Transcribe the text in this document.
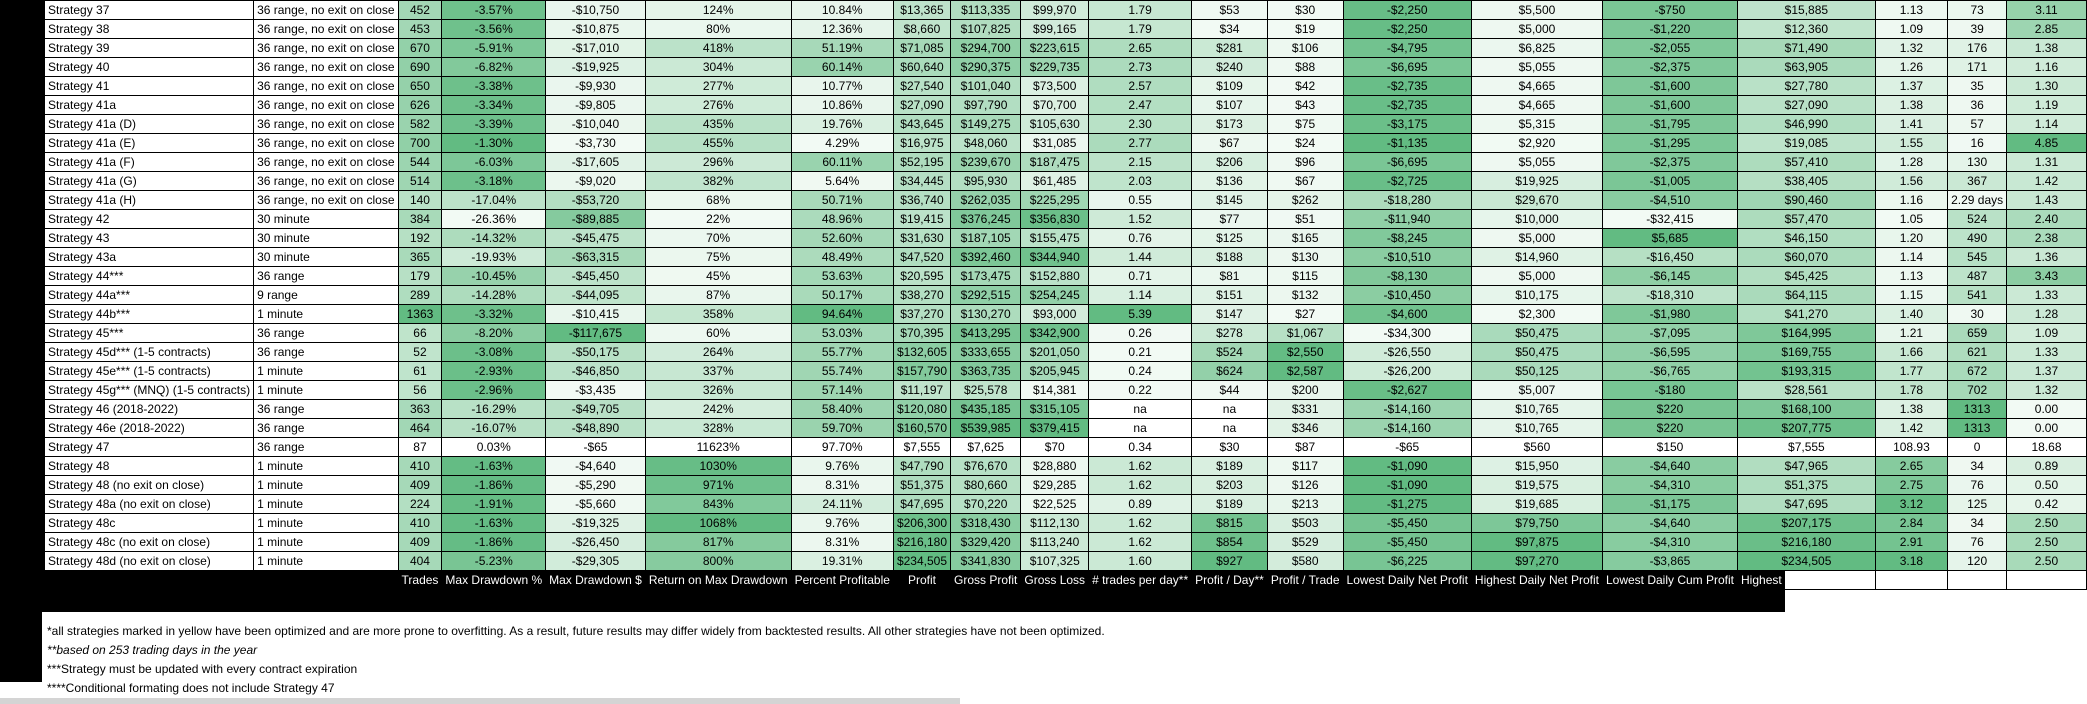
Strategy 37	36 range, no exit on close	452	-3.57%	-$10,750	124%	10.84%	$13,365	$113,335	$99,970	1.79	$53	$30	-$2,250	$5,500	-$750	$15,885	1.13	73	3.11
Strategy 38	36 range, no exit on close	453	-3.56%	-$10,875	80%	12.36%	$8,660	$107,825	$99,165	1.79	$34	$19	-$2,250	$5,000	-$1,220	$12,360	1.09	39	2.85
Strategy 39	36 range, no exit on close	670	-5.91%	-$17,010	418%	51.19%	$71,085	$294,700	$223,615	2.65	$281	$106	-$4,795	$6,825	-$2,055	$71,490	1.32	176	1.38
Strategy 40	36 range, no exit on close	690	-6.82%	-$19,925	304%	60.14%	$60,640	$290,375	$229,735	2.73	$240	$88	-$6,695	$5,055	-$2,375	$63,905	1.26	171	1.16
Strategy 41	36 range, no exit on close	650	-3.38%	-$9,930	277%	10.77%	$27,540	$101,040	$73,500	2.57	$109	$42	-$2,735	$4,665	-$1,600	$27,780	1.37	35	1.30
Strategy 41a	36 range, no exit on close	626	-3.34%	-$9,805	276%	10.86%	$27,090	$97,790	$70,700	2.47	$107	$43	-$2,735	$4,665	-$1,600	$27,090	1.38	36	1.19
Strategy 41a (D)	36 range, no exit on close	582	-3.39%	-$10,040	435%	19.76%	$43,645	$149,275	$105,630	2.30	$173	$75	-$3,175	$5,315	-$1,795	$46,990	1.41	57	1.14
Strategy 41a (E)	36 range, no exit on close	700	-1.30%	-$3,730	455%	4.29%	$16,975	$48,060	$31,085	2.77	$67	$24	-$1,135	$2,920	-$1,295	$19,085	1.55	16	4.85
Strategy 41a (F)	36 range, no exit on close	544	-6.03%	-$17,605	296%	60.11%	$52,195	$239,670	$187,475	2.15	$206	$96	-$6,695	$5,055	-$2,375	$57,410	1.28	130	1.31
Strategy 41a (G)	36 range, no exit on close	514	-3.18%	-$9,020	382%	5.64%	$34,445	$95,930	$61,485	2.03	$136	$67	-$2,725	$19,925	-$1,005	$38,405	1.56	367	1.42
Strategy 41a (H)	36 range, no exit on close	140	-17.04%	-$53,720	68%	50.71%	$36,740	$262,035	$225,295	0.55	$145	$262	-$18,280	$29,670	-$4,510	$90,460	1.16	2.29 days	1.43
Strategy 42	30 minute	384	-26.36%	-$89,885	22%	48.96%	$19,415	$376,245	$356,830	1.52	$77	$51	-$11,940	$10,000	-$32,415	$57,470	1.05	524	2.40
Strategy 43	30 minute	192	-14.32%	-$45,475	70%	52.60%	$31,630	$187,105	$155,475	0.76	$125	$165	-$8,245	$5,000	$5,685	$46,150	1.20	490	2.38
Strategy 43a	30 minute	365	-19.93%	-$63,315	75%	48.49%	$47,520	$392,460	$344,940	1.44	$188	$130	-$10,510	$14,960	-$16,450	$60,070	1.14	545	1.36
Strategy 44***	36 range	179	-10.45%	-$45,450	45%	53.63%	$20,595	$173,475	$152,880	0.71	$81	$115	-$8,130	$5,000	-$6,145	$45,425	1.13	487	3.43
Strategy 44a***	9 range	289	-14.28%	-$44,095	87%	50.17%	$38,270	$292,515	$254,245	1.14	$151	$132	-$10,450	$10,175	-$18,310	$64,115	1.15	541	1.33
Strategy 44b***	1 minute	1363	-3.32%	-$10,415	358%	94.64%	$37,270	$130,270	$93,000	5.39	$147	$27	-$4,600	$2,300	-$1,980	$41,270	1.40	30	1.28
Strategy 45***	36 range	66	-8.20%	-$117,675	60%	53.03%	$70,395	$413,295	$342,900	0.26	$278	$1,067	-$34,300	$50,475	-$7,095	$164,995	1.21	659	1.09
Strategy 45d*** (1-5 contracts)	36 range	52	-3.08%	-$50,175	264%	55.77%	$132,605	$333,655	$201,050	0.21	$524	$2,550	-$26,550	$50,475	-$6,595	$169,755	1.66	621	1.33
Strategy 45e*** (1-5 contracts)	1 minute	61	-2.93%	-$46,850	337%	55.74%	$157,790	$363,735	$205,945	0.24	$624	$2,587	-$26,200	$50,125	-$6,765	$193,315	1.77	672	1.37
Strategy 45g*** (MNQ) (1-5 contracts)	1 minute	56	-2.96%	-$3,435	326%	57.14%	$11,197	$25,578	$14,381	0.22	$44	$200	-$2,627	$5,007	-$180	$28,561	1.78	702	1.32
Strategy 46 (2018-2022)	36 range	363	-16.29%	-$49,705	242%	58.40%	$120,080	$435,185	$315,105	na	na	$331	-$14,160	$10,765	$220	$168,100	1.38	1313	0.00
Strategy 46e (2018-2022)	36 range	464	-16.07%	-$48,890	328%	59.70%	$160,570	$539,985	$379,415	na	na	$346	-$14,160	$10,765	$220	$207,775	1.42	1313	0.00
Strategy 47	36 range	87	0.03%	-$65	11623%	97.70%	$7,555	$7,625	$70	0.34	$30	$87	-$65	$560	$150	$7,555	108.93	0	18.68
Strategy 48	1 minute	410	-1.63%	-$4,640	1030%	9.76%	$47,790	$76,670	$28,880	1.62	$189	$117	-$1,090	$15,950	-$4,640	$47,965	2.65	34	0.89
Strategy 48 (no exit on close)	1 minute	409	-1.86%	-$5,290	971%	8.31%	$51,375	$80,660	$29,285	1.62	$203	$126	-$1,090	$19,575	-$4,310	$51,375	2.75	76	0.50
Strategy 48a (no exit on close)	1 minute	224	-1.91%	-$5,660	843%	24.11%	$47,695	$70,220	$22,525	0.89	$189	$213	-$1,275	$19,685	-$1,175	$47,695	3.12	125	0.42
Strategy 48c	1 minute	410	-1.63%	-$19,325	1068%	9.76%	$206,300	$318,430	$112,130	1.62	$815	$503	-$5,450	$79,750	-$4,640	$207,175	2.84	34	2.50
Strategy 48c (no exit on close)	1 minute	409	-1.86%	-$26,450	817%	8.31%	$216,180	$329,420	$113,240	1.62	$854	$529	-$5,450	$97,875	-$4,310	$216,180	2.91	76	2.50
Strategy 48d (no exit on close)	1 minute	404	-5.23%	-$29,305	800%	19.31%	$234,505	$341,830	$107,325	1.60	$927	$580	-$6,225	$97,270	-$3,865	$234,505	3.18	120	2.50
		Trades	Max Drawdown %	Max Drawdown $	Return on Max Drawdown	Percent Profitable	Profit	Gross Profit	Gross Loss	# trades per day**	Profit / Day**	Profit / Trade	Lowest Daily Net Profit	Highest Daily Net Profit	Lowest Daily Cum Profit	Highest Daily Cum Profit	Profit Factor		Backtest Risk
*all strategies marked in yellow have been optimized and are more prone to overfitting. As a result, future results may differ widely from backtested results. All other strategies have not been optimized.
**based on 253 trading days in the year
***Strategy must be updated with every contract expiration
****Conditional formating does not include Strategy 47
